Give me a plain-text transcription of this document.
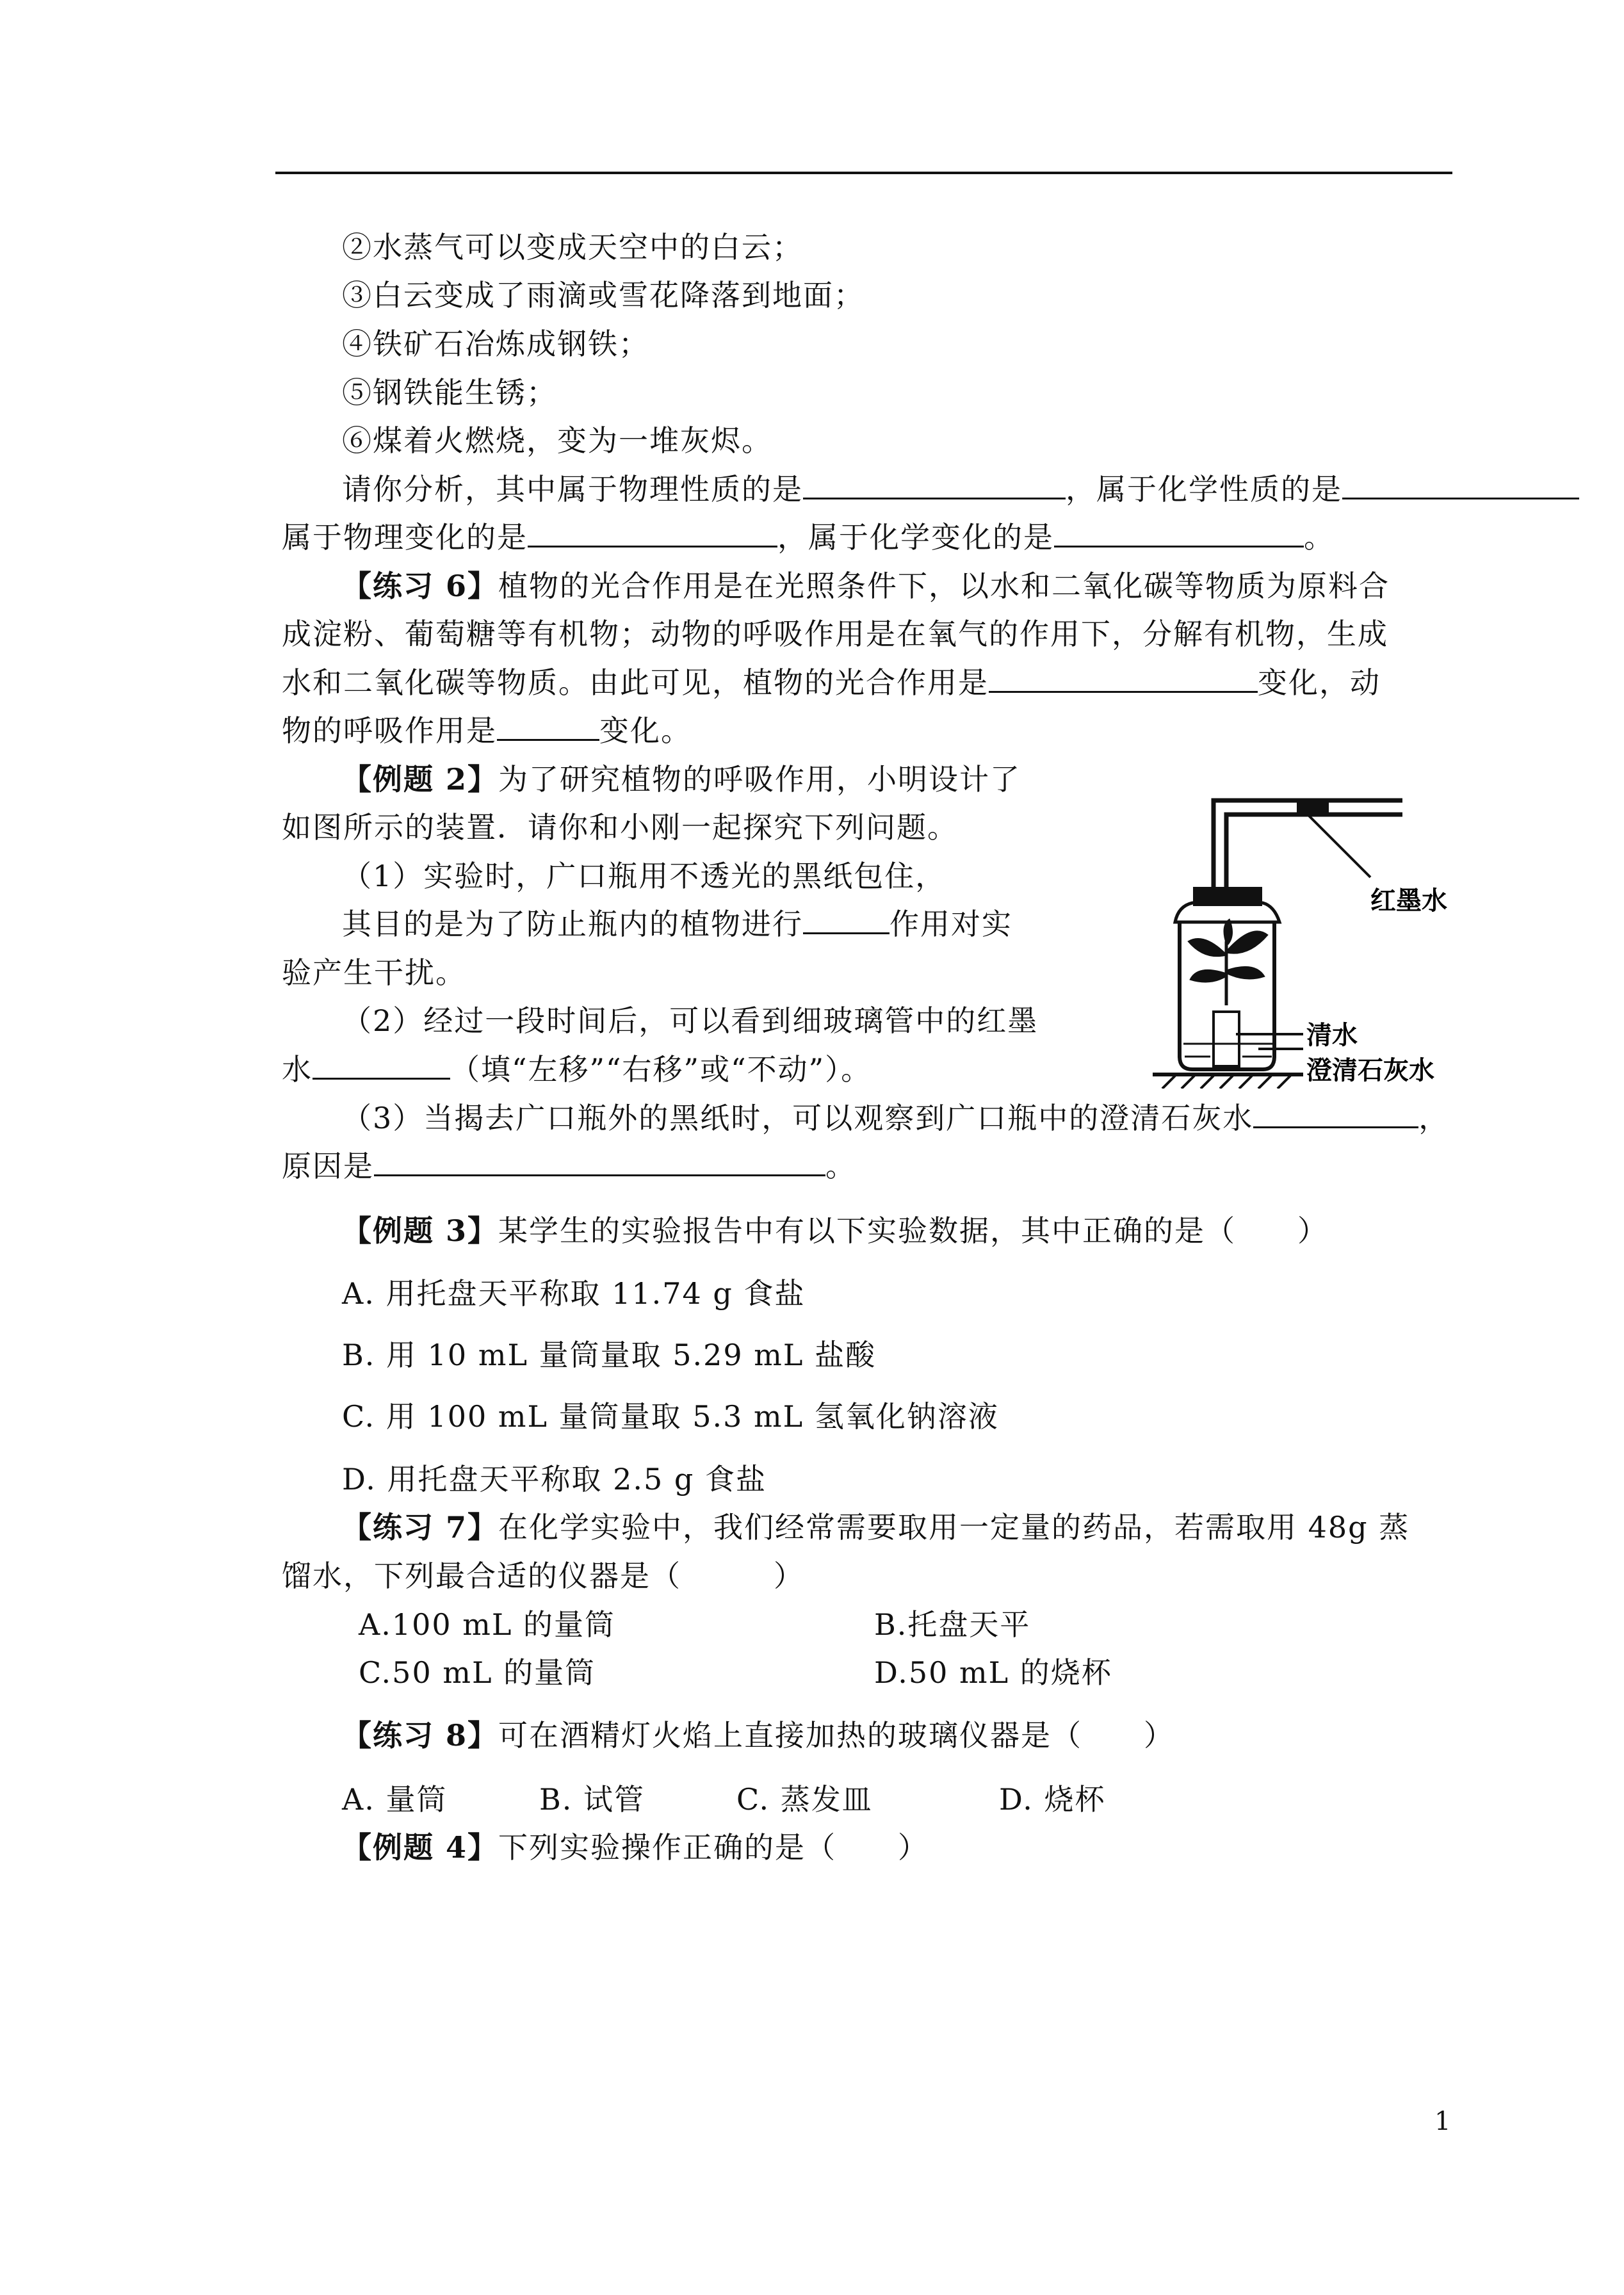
②水蒸气可以变成天空中的白云；
③白云变成了雨滴或雪花降落到地面；
④铁矿石冶炼成钢铁；
⑤钢铁能生锈；
⑥煤着火燃烧，变为一堆灰烬。
请你分析，其中属于物理性质的是	，属于化学性质的是
属于物理变化的是	，属于化学变化的是	。
【练习 6】植物的光合作用是在光照条件下，以水和二氧化碳等物质为原料合
成淀粉、葡萄糖等有机物；动物的呼吸作用是在氧气的作用下，分解有机物，生成
水和二氧化碳等物质。由此可见，植物的光合作用是	变化，动
物的呼吸作用是	变化。
【例题 2】为了研究植物的呼吸作用，小明设计了
如图所示的装置．请你和小刚一起探究下列问题。
（1）实验时，广口瓶用不透光的黑纸包住，
其目的是为了防止瓶内的植物进行	作用对实
验产生干扰。
（2）经过一段时间后，可以看到细玻璃管中的红墨
水	（填“左移”“右移”或“不动”）。
（3）当揭去广口瓶外的黑纸时，可以观察到广口瓶中的澄清石灰水	，
原因是	。
红墨水
清水
澄清石灰水
【例题 3】某学生的实验报告中有以下实验数据，其中正确的是（　　）
A. 用托盘天平称取 11.74 g 食盐
B. 用 10 mL 量筒量取 5.29 mL 盐酸
C. 用 100 mL 量筒量取 5.3 mL 氢氧化钠溶液
D. 用托盘天平称取 2.5 g 食盐
【练习 7】在化学实验中，我们经常需要取用一定量的药品，若需取用 48g 蒸
馏水，下列最合适的仪器是（　　　）
A.100 mL 的量筒	B.托盘天平
C.50 mL 的量筒	D.50 mL 的烧杯
【练习 8】可在酒精灯火焰上直接加热的玻璃仪器是（　　）
A. 量筒	B. 试管	C. 蒸发皿	D. 烧杯
【例题 4】下列实验操作正确的是（　　）
1
